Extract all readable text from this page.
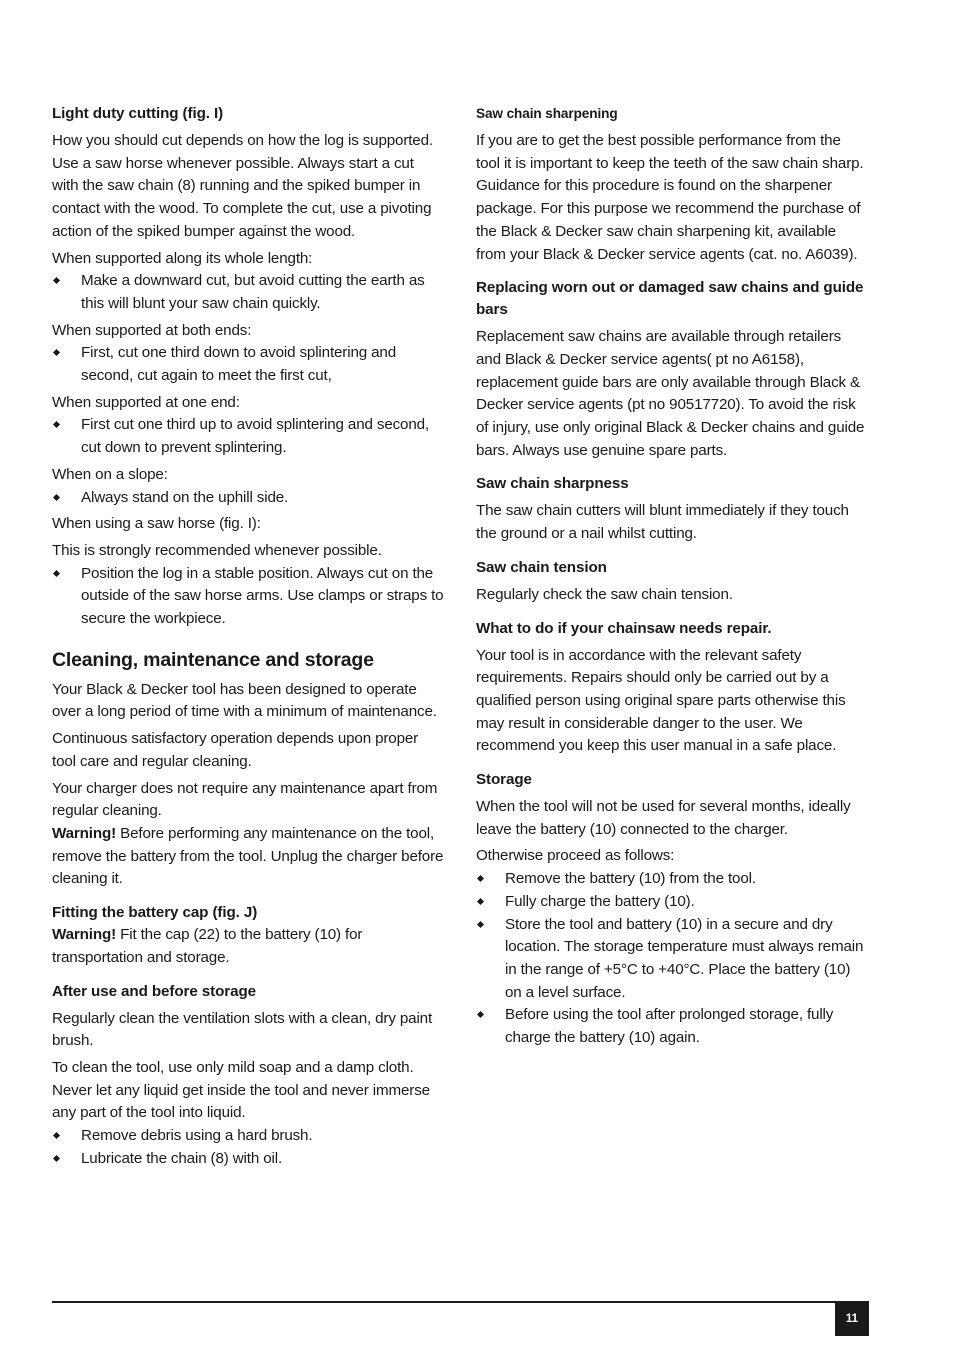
Light duty cutting (fig. I)

How you should cut depends on how the log is supported. Use a saw horse whenever possible. Always start a cut with the saw chain (8) running and the spiked bumper in contact with the wood. To complete the cut, use a pivoting action of the spiked bumper against the wood.

When supported along its whole length:

Make a downward cut, but avoid cutting the earth as this will blunt your saw chain quickly.

When supported at both ends:

First, cut one third down to avoid splintering and second, cut again to meet the first cut,

When supported at one end:

First cut one third up to avoid splintering and second, cut down to prevent splintering.

When on a slope:

Always stand on the uphill side.

When using a saw horse (fig. I):

This is strongly recommended whenever possible.

Position the log in a stable position. Always cut on the outside of the saw horse arms. Use clamps or straps to secure the workpiece.
Cleaning, maintenance and storage

Your Black & Decker tool has been designed to operate over a long period of time with a minimum of maintenance.

Continuous satisfactory operation depends upon proper tool care and regular cleaning.

Your charger does not require any maintenance apart from regular cleaning.

Warning! Before performing any maintenance on the tool, remove the battery from the tool. Unplug the charger before cleaning it.

Fitting the battery cap (fig. J)

Warning! Fit the cap (22) to the battery (10) for transportation and storage.

After use and before storage

Regularly clean the ventilation slots with a clean, dry paint brush.

To clean the tool, use only mild soap and a damp cloth. Never let any liquid get inside the tool and never immerse any part of the tool into liquid.

Remove debris using a hard brush.
Lubricate the chain (8) with oil.
Saw chain sharpening

If you are to get the best possible performance from the tool it is important to keep the teeth of the saw chain sharp. Guidance for this procedure is found on the sharpener package. For this purpose we recommend the purchase of the Black & Decker saw chain sharpening kit, available from your Black & Decker service agents (cat. no. A6039).

Replacing worn out or damaged saw chains and guide bars

Replacement saw chains are available through retailers and Black & Decker service agents( pt no A6158), replacement guide bars are only available through Black & Decker service agents (pt no 90517720). To avoid the risk of injury, use only original Black & Decker chains and guide bars. Always use genuine spare parts.

Saw chain sharpness

The saw chain cutters will blunt immediately if they touch the ground or a nail whilst cutting.

Saw chain tension

Regularly check the saw chain tension.

What to do if your chainsaw needs repair.

Your tool is in accordance with the relevant safety requirements. Repairs should only be carried out by a qualified person using original spare parts otherwise this may result in considerable danger to the user. We recommend you keep this user manual in a safe place.

Storage

When the tool will not be used for several months, ideally leave the battery (10) connected to the charger.

Otherwise proceed as follows:

Remove the battery (10) from the tool.
Fully charge the battery (10).
Store the tool and battery (10) in a secure and dry location. The storage temperature must always remain in the range of +5°C to +40°C. Place the battery (10) on a level surface.
Before using the tool after prolonged storage, fully charge the battery (10) again.
11
